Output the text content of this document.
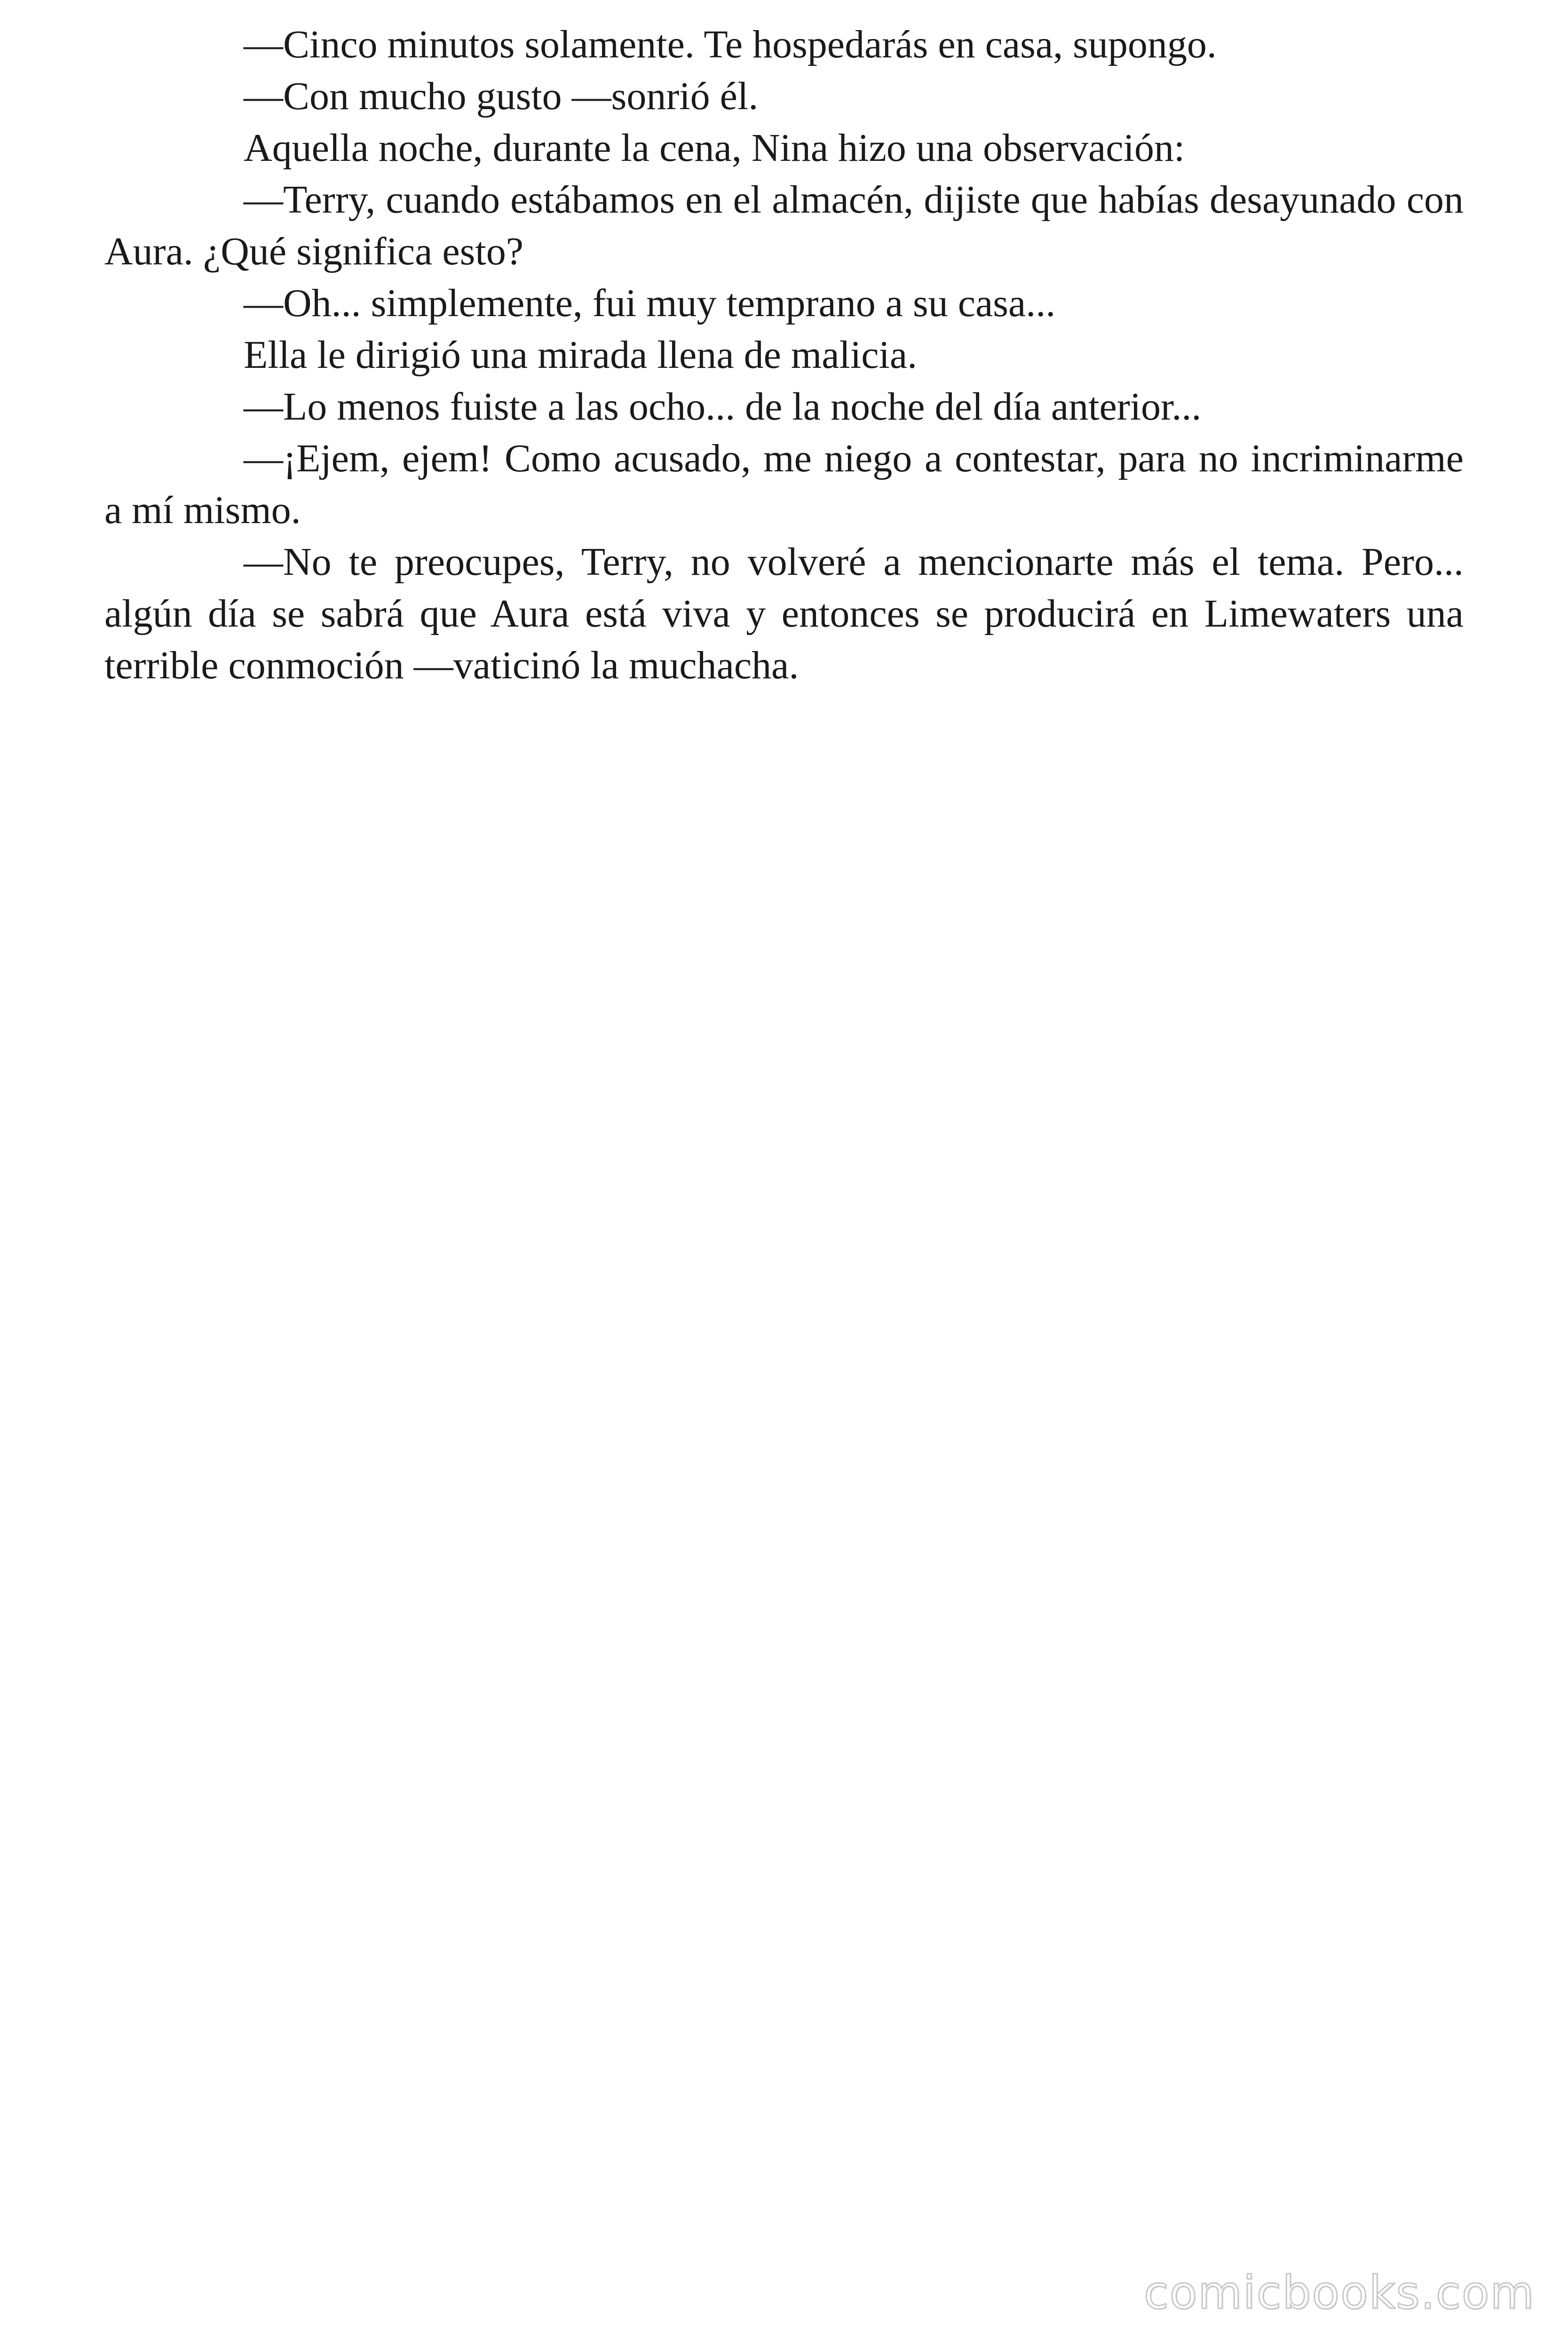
—Cinco minutos solamente. Te hospedarás en casa, supongo.

—Con mucho gusto —sonrió él.

Aquella noche, durante la cena, Nina hizo una observación:

—Terry, cuando estábamos en el almacén, dijiste que habías desayunado con Aura. ¿Qué significa esto?

—Oh... simplemente, fui muy temprano a su casa...

Ella le dirigió una mirada llena de malicia.

—Lo menos fuiste a las ocho... de la noche del día anterior...

—¡Ejem, ejem! Como acusado, me niego a contestar, para no incriminarme a mí mismo.

—No te preocupes, Terry, no volveré a mencionarte más el tema. Pero... algún día se sabrá que Aura está viva y entonces se producirá en Limewaters una terrible conmoción —vaticinó la muchacha.

comicbooks.com
